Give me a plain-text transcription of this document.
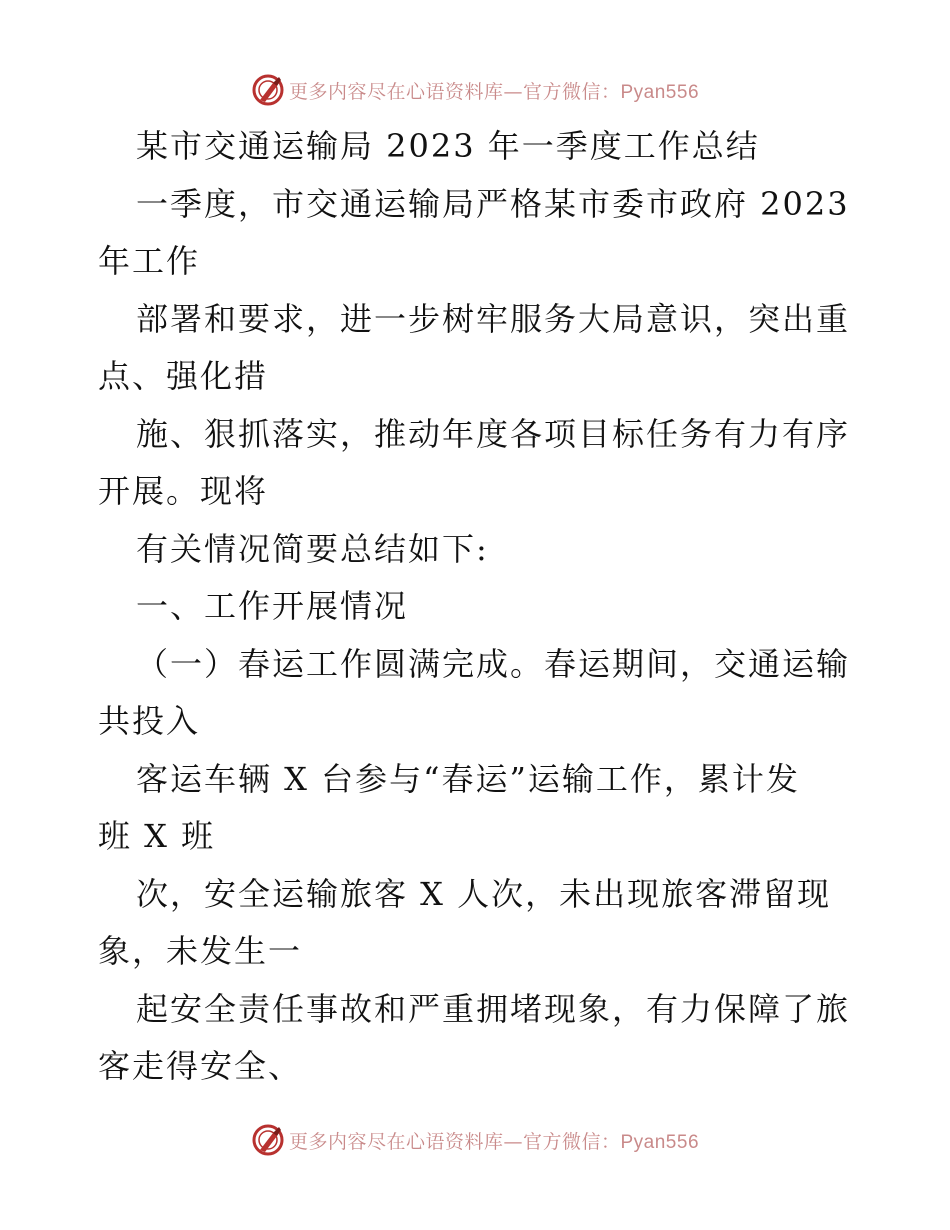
更多内容尽在心语资料库—官方微信：Pyan556
某市交通运输局 2023 年一季度工作总结
一季度，市交通运输局严格某市委市政府 2023
年工作
部署和要求，进一步树牢服务大局意识，突出重
点、强化措
施、狠抓落实，推动年度各项目标任务有力有序
开展。现将
有关情况简要总结如下:
一、工作开展情况
（一）春运工作圆满完成。春运期间，交通运输
共投入
客运车辆 X 台参与“春运”运输工作，累计发
班 X 班
次，安全运输旅客 X 人次，未出现旅客滞留现
象，未发生一
起安全责任事故和严重拥堵现象，有力保障了旅
客走得安全、
更多内容尽在心语资料库—官方微信：Pyan556
